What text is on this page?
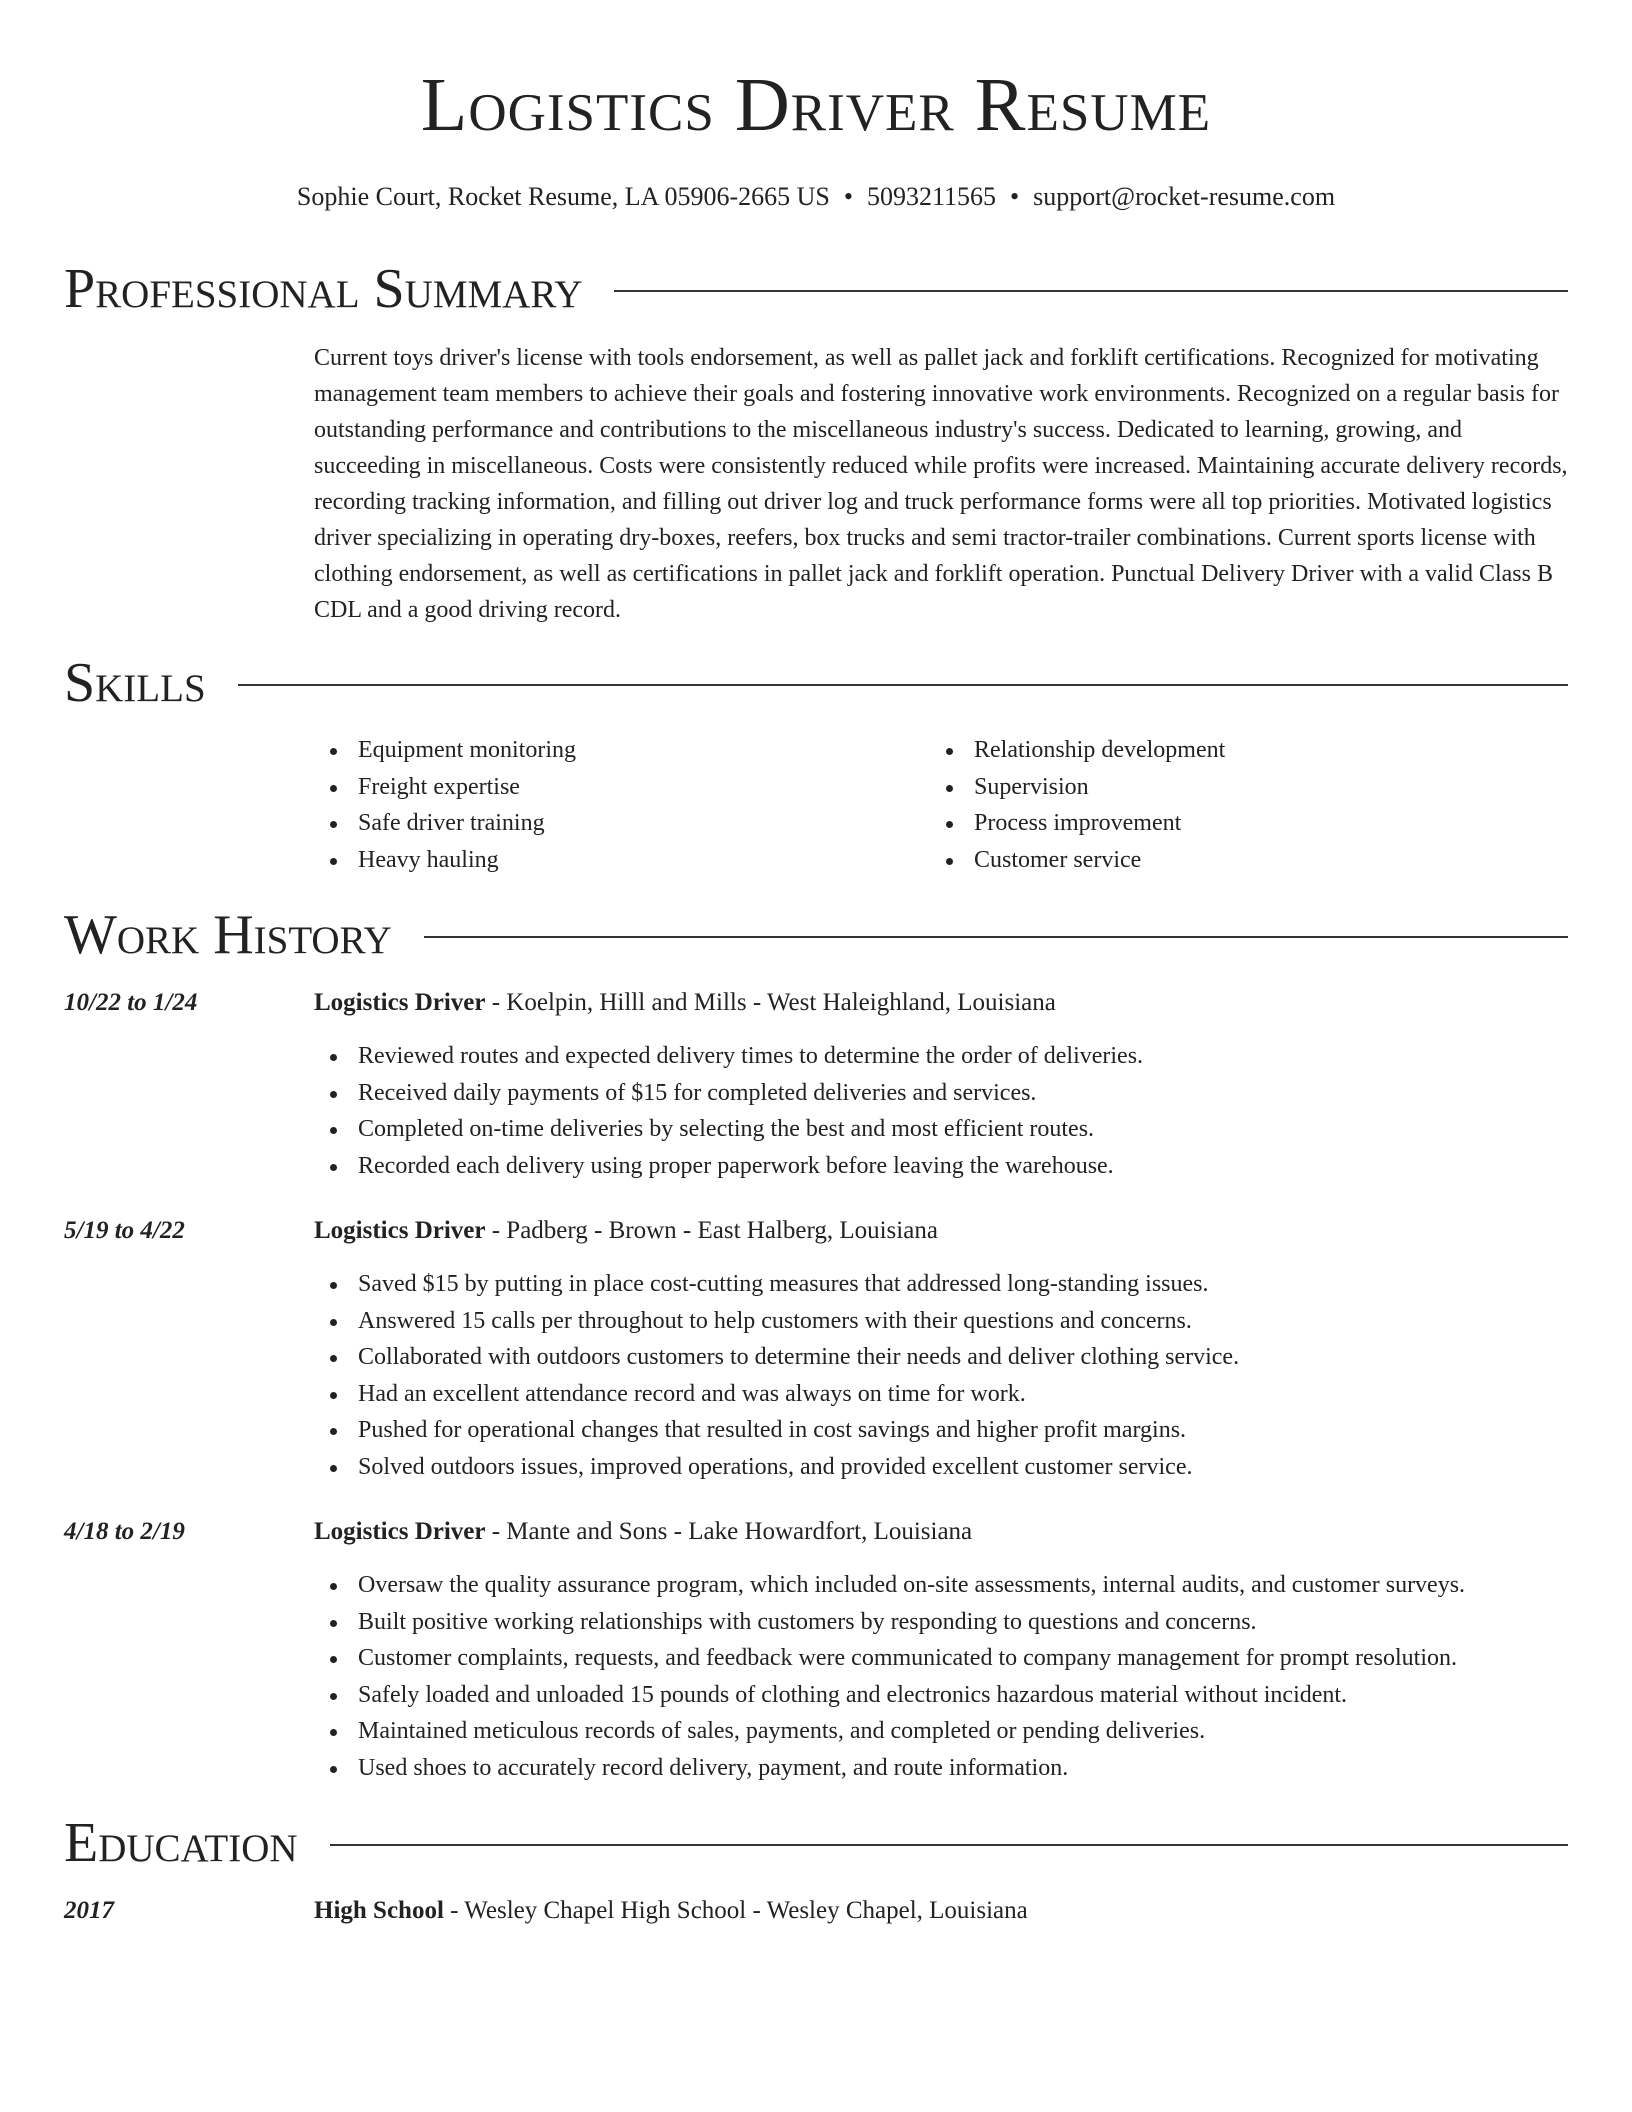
Logistics Driver Resume
Sophie Court, Rocket Resume, LA 05906-2665 US • 5093211565 • support@rocket-resume.com
Professional Summary
Current toys driver's license with tools endorsement, as well as pallet jack and forklift certifications. Recognized for motivating management team members to achieve their goals and fostering innovative work environments. Recognized on a regular basis for outstanding performance and contributions to the miscellaneous industry's success. Dedicated to learning, growing, and succeeding in miscellaneous. Costs were consistently reduced while profits were increased. Maintaining accurate delivery records, recording tracking information, and filling out driver log and truck performance forms were all top priorities. Motivated logistics driver specializing in operating dry-boxes, reefers, box trucks and semi tractor-trailer combinations. Current sports license with clothing endorsement, as well as certifications in pallet jack and forklift operation. Punctual Delivery Driver with a valid Class B CDL and a good driving record.
Skills
Equipment monitoring
Freight expertise
Safe driver training
Heavy hauling
Relationship development
Supervision
Process improvement
Customer service
Work History
10/22 to 1/24	Logistics Driver - Koelpin, Hilll and Mills - West Haleighland, Louisiana
Reviewed routes and expected delivery times to determine the order of deliveries.
Received daily payments of $15 for completed deliveries and services.
Completed on-time deliveries by selecting the best and most efficient routes.
Recorded each delivery using proper paperwork before leaving the warehouse.
5/19 to 4/22	Logistics Driver - Padberg - Brown - East Halberg, Louisiana
Saved $15 by putting in place cost-cutting measures that addressed long-standing issues.
Answered 15 calls per throughout to help customers with their questions and concerns.
Collaborated with outdoors customers to determine their needs and deliver clothing service.
Had an excellent attendance record and was always on time for work.
Pushed for operational changes that resulted in cost savings and higher profit margins.
Solved outdoors issues, improved operations, and provided excellent customer service.
4/18 to 2/19	Logistics Driver - Mante and Sons - Lake Howardfort, Louisiana
Oversaw the quality assurance program, which included on-site assessments, internal audits, and customer surveys.
Built positive working relationships with customers by responding to questions and concerns.
Customer complaints, requests, and feedback were communicated to company management for prompt resolution.
Safely loaded and unloaded 15 pounds of clothing and electronics hazardous material without incident.
Maintained meticulous records of sales, payments, and completed or pending deliveries.
Used shoes to accurately record delivery, payment, and route information.
Education
2017	High School - Wesley Chapel High School - Wesley Chapel, Louisiana
